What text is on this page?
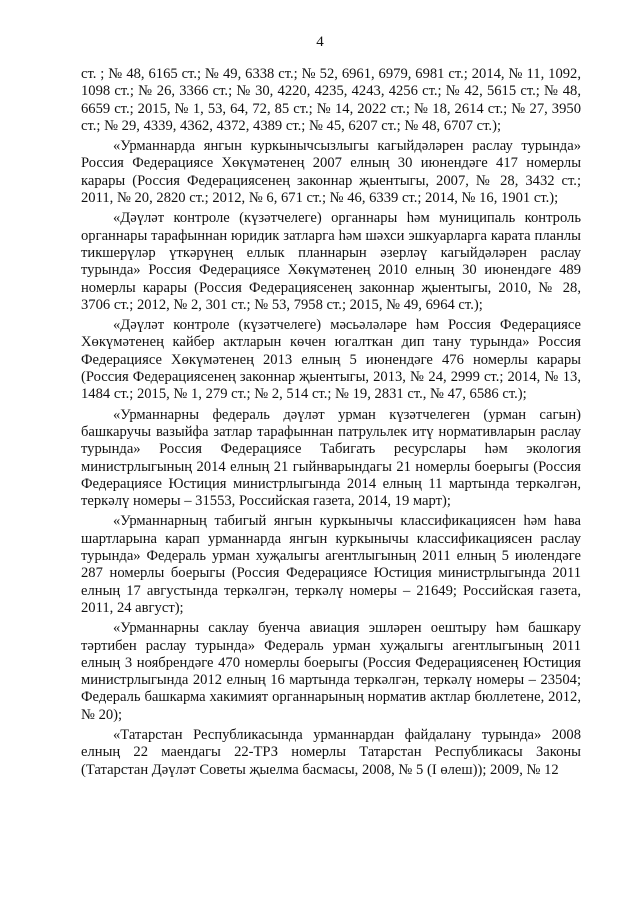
4

ст. ; № 48, 6165 ст.; № 49, 6338 ст.; № 52, 6961, 6979, 6981 ст.; 2014, № 11, 1092, 1098 ст.; № 26, 3366 ст.; № 30, 4220, 4235, 4243, 4256 ст.; № 42, 5615 ст.; № 48, 6659 ст.; 2015, № 1, 53, 64, 72, 85 ст.; № 14, 2022 ст.; № 18, 2614 ст.; № 27, 3950 ст.; № 29, 4339, 4362, 4372, 4389 ст.; № 45, 6207 ст.; № 48, 6707 ст.);

«Урманнарда янгын куркынычсызлыгы кагыйдәләрен раслау турында» Россия Федерациясе Хөкүмәтенең 2007 елның 30 июнендәге 417 номерлы карары (Россия Федерациясенең законнар җыентыгы, 2007, № 28, 3432 ст.; 2011, № 20, 2820 ст.; 2012, № 6, 671 ст.; № 46, 6339 ст.; 2014, № 16, 1901 ст.);

«Дәүләт контроле (күзәтчелеге) органнары һәм муниципаль контроль органнары тарафыннан юридик затларга һәм шәхси эшкуарларга карата планлы тикшерүләр үткәрүнең еллык планнарын әзерләү кагыйдәләрен раслау турында» Россия Федерациясе Хөкүмәтенең 2010 елның 30 июнендәге 489 номерлы карары (Россия Федерациясенең законнар җыентыгы, 2010, № 28, 3706 ст.; 2012, № 2, 301 ст.; № 53, 7958 ст.; 2015, № 49, 6964 ст.);

«Дәүләт контроле (күзәтчелеге) мәсьәләләре һәм Россия Федерациясе Хөкүмәтенең кайбер актларын көчен югалткан дип тану турында» Россия Федерациясе Хөкүмәтенең 2013 елның 5 июнендәге 476 номерлы карары (Россия Федерациясенең законнар җыентыгы, 2013, № 24, 2999 ст.; 2014, № 13, 1484 ст.; 2015, № 1, 279 ст.; № 2, 514 ст.; № 19, 2831 ст., № 47, 6586 ст.);

«Урманнарны федераль дәүләт урман күзәтчелеген (урман сагын) башкаручы вазыйфа затлар тарафыннан патрульлек итү нормативларын раслау турында» Россия Федерациясе Табигать ресурслары һәм экология министрлыгының 2014 елның 21 гыйнварындагы 21 номерлы боерыгы (Россия Федерациясе Юстиция министрлыгында 2014 елның 11 мартында теркәлгән, теркәлү номеры – 31553, Российская газета, 2014, 19 март);

«Урманнарның табигый янгын куркынычы классификациясен һәм һава шартларына карап урманнарда янгын куркынычы классификациясен раслау турында» Федераль урман хуҗалыгы агентлыгының 2011 елның 5 июлендәге 287 номерлы боерыгы (Россия Федерациясе Юстиция министрлыгында 2011 елның 17 августында теркәлгән, теркәлү номеры – 21649; Российская газета, 2011, 24 август);

«Урманнарны саклау буенча авиация эшләрен оештыру һәм башкару тәртибен раслау турында» Федераль урман хуҗалыгы агентлыгының 2011 елның 3 ноябрендәге 470 номерлы боерыгы (Россия Федерациясенең Юстиция министрлыгында 2012 елның 16 мартында теркәлгән, теркәлү номеры – 23504; Федераль башкарма хакимият органнарының норматив актлар бюллетене, 2012, № 20);

«Татарстан Республикасында урманнардан файдалану турында» 2008 елның 22 маендагы 22-ТРЗ номерлы Татарстан Республикасы Законы (Татарстан Дәүләт Советы җыелма басмасы, 2008, № 5 (I өлеш)); 2009, № 12
